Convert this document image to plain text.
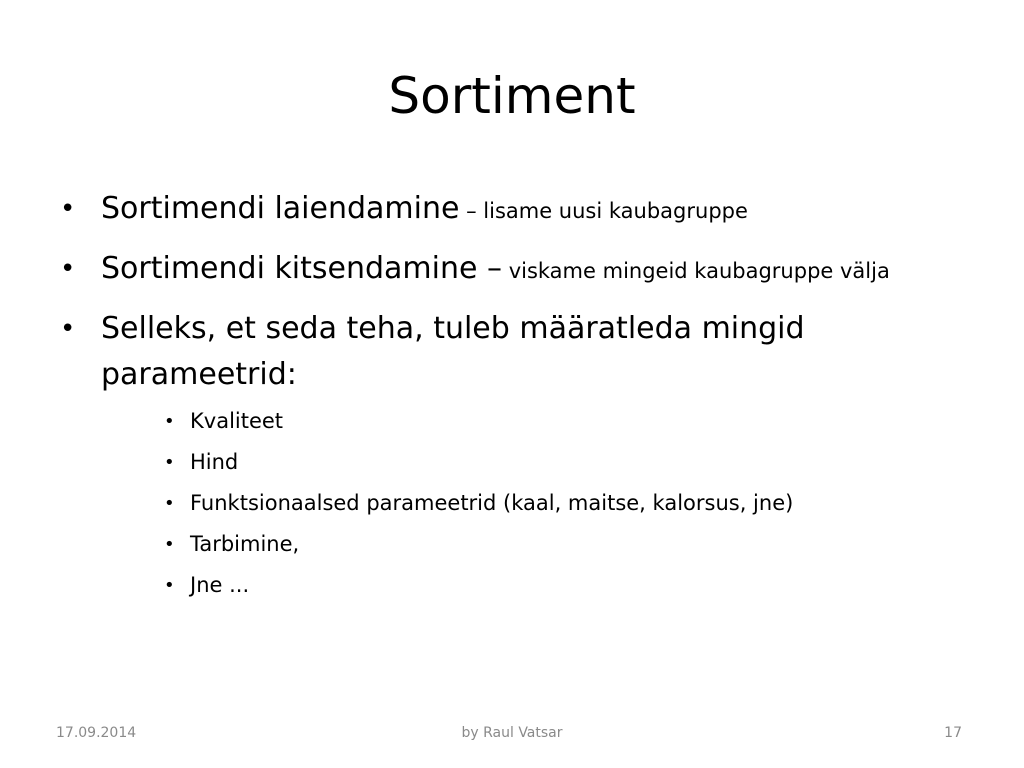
Sortiment
• Sortimendi laiendamine – lisame uusi kaubagruppe
• Sortimendi kitsendamine – viskame mingeid kaubagruppe välja
• Selleks, et seda teha, tuleb määratleda mingid parameetrid:
• Kvaliteet
• Hind
• Funktsionaalsed parameetrid (kaal, maitse, kalorsus, jne)
• Tarbimine,
• Jne ...
17.09.2014	by Raul Vatsar	17
